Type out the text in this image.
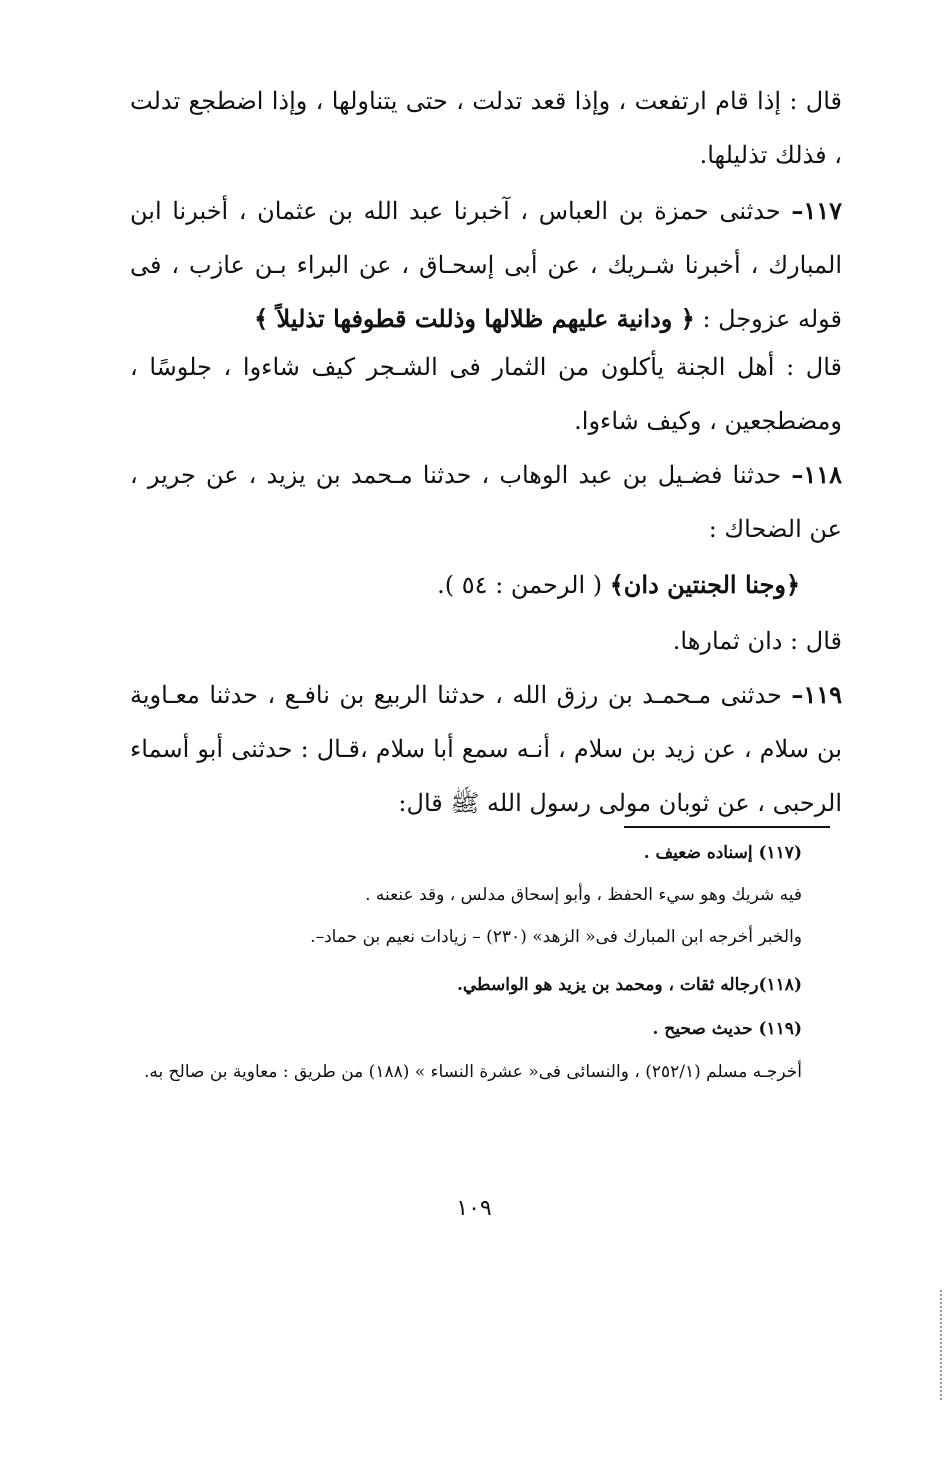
قال : إذا قام ارتفعت ، وإذا قعد تدلت ، حتى يتناولها ، وإذا اضطجع تدلت ، فذلك تذليلها.

١١٧– حدثنى حمزة بن العباس ، آخبرنا عبد الله بن عثمان ، أخبرنا ابن المبارك ، أخبرنا شـريك ، عن أبى إسحـاق ، عن البراء بـن عازب ، فى قوله عزوجل : ﴿ ودانية عليهم ظلالها وذللت قطوفها تذليلاً ﴾

قال : أهل الجنة يأكلون من الثمار فى الشـجر كيف شاءوا ، جلوسًا ، ومضطجعين ، وكيف شاءوا.

١١٨– حدثنا فضـيل بن عبد الوهاب ، حدثنا مـحمد بن يزيد ، عن جرير ، عن الضحاك :

﴿وجنا الجنتين دان﴾ ( الرحمن : ٥٤ ).

قال : دان ثمارها.

١١٩– حدثنى مـحمـد بن رزق الله ، حدثنا الربيع بن نافـع ، حدثنا معـاوية بن سلام ، عن زيد بن سلام ، أنـه سمع أبا سلام ،قـال : حدثنى أبو أسماء الرحبى ، عن ثوبان مولى رسول الله ﷺ قال:

(١١٧) إسناده ضعيف .

فيه شريك وهو سيء الحفظ ، وأبو إسحاق مدلس ، وقد عنعنه .

والخبر أخرجه ابن المبارك فى« الزهد» (٢٣٠) – زيادات نعيم بن حماد–.

(١١٨)رجاله ثقات ، ومحمد بن يزيد هو الواسطي.

(١١٩) حديث صحيح .

أخرجـه مسلم (٢٥٢/١) ، والنسائى فى« عشرة النساء » (١٨٨) من طريق : معاوية بن صالح به.

١٠٩
